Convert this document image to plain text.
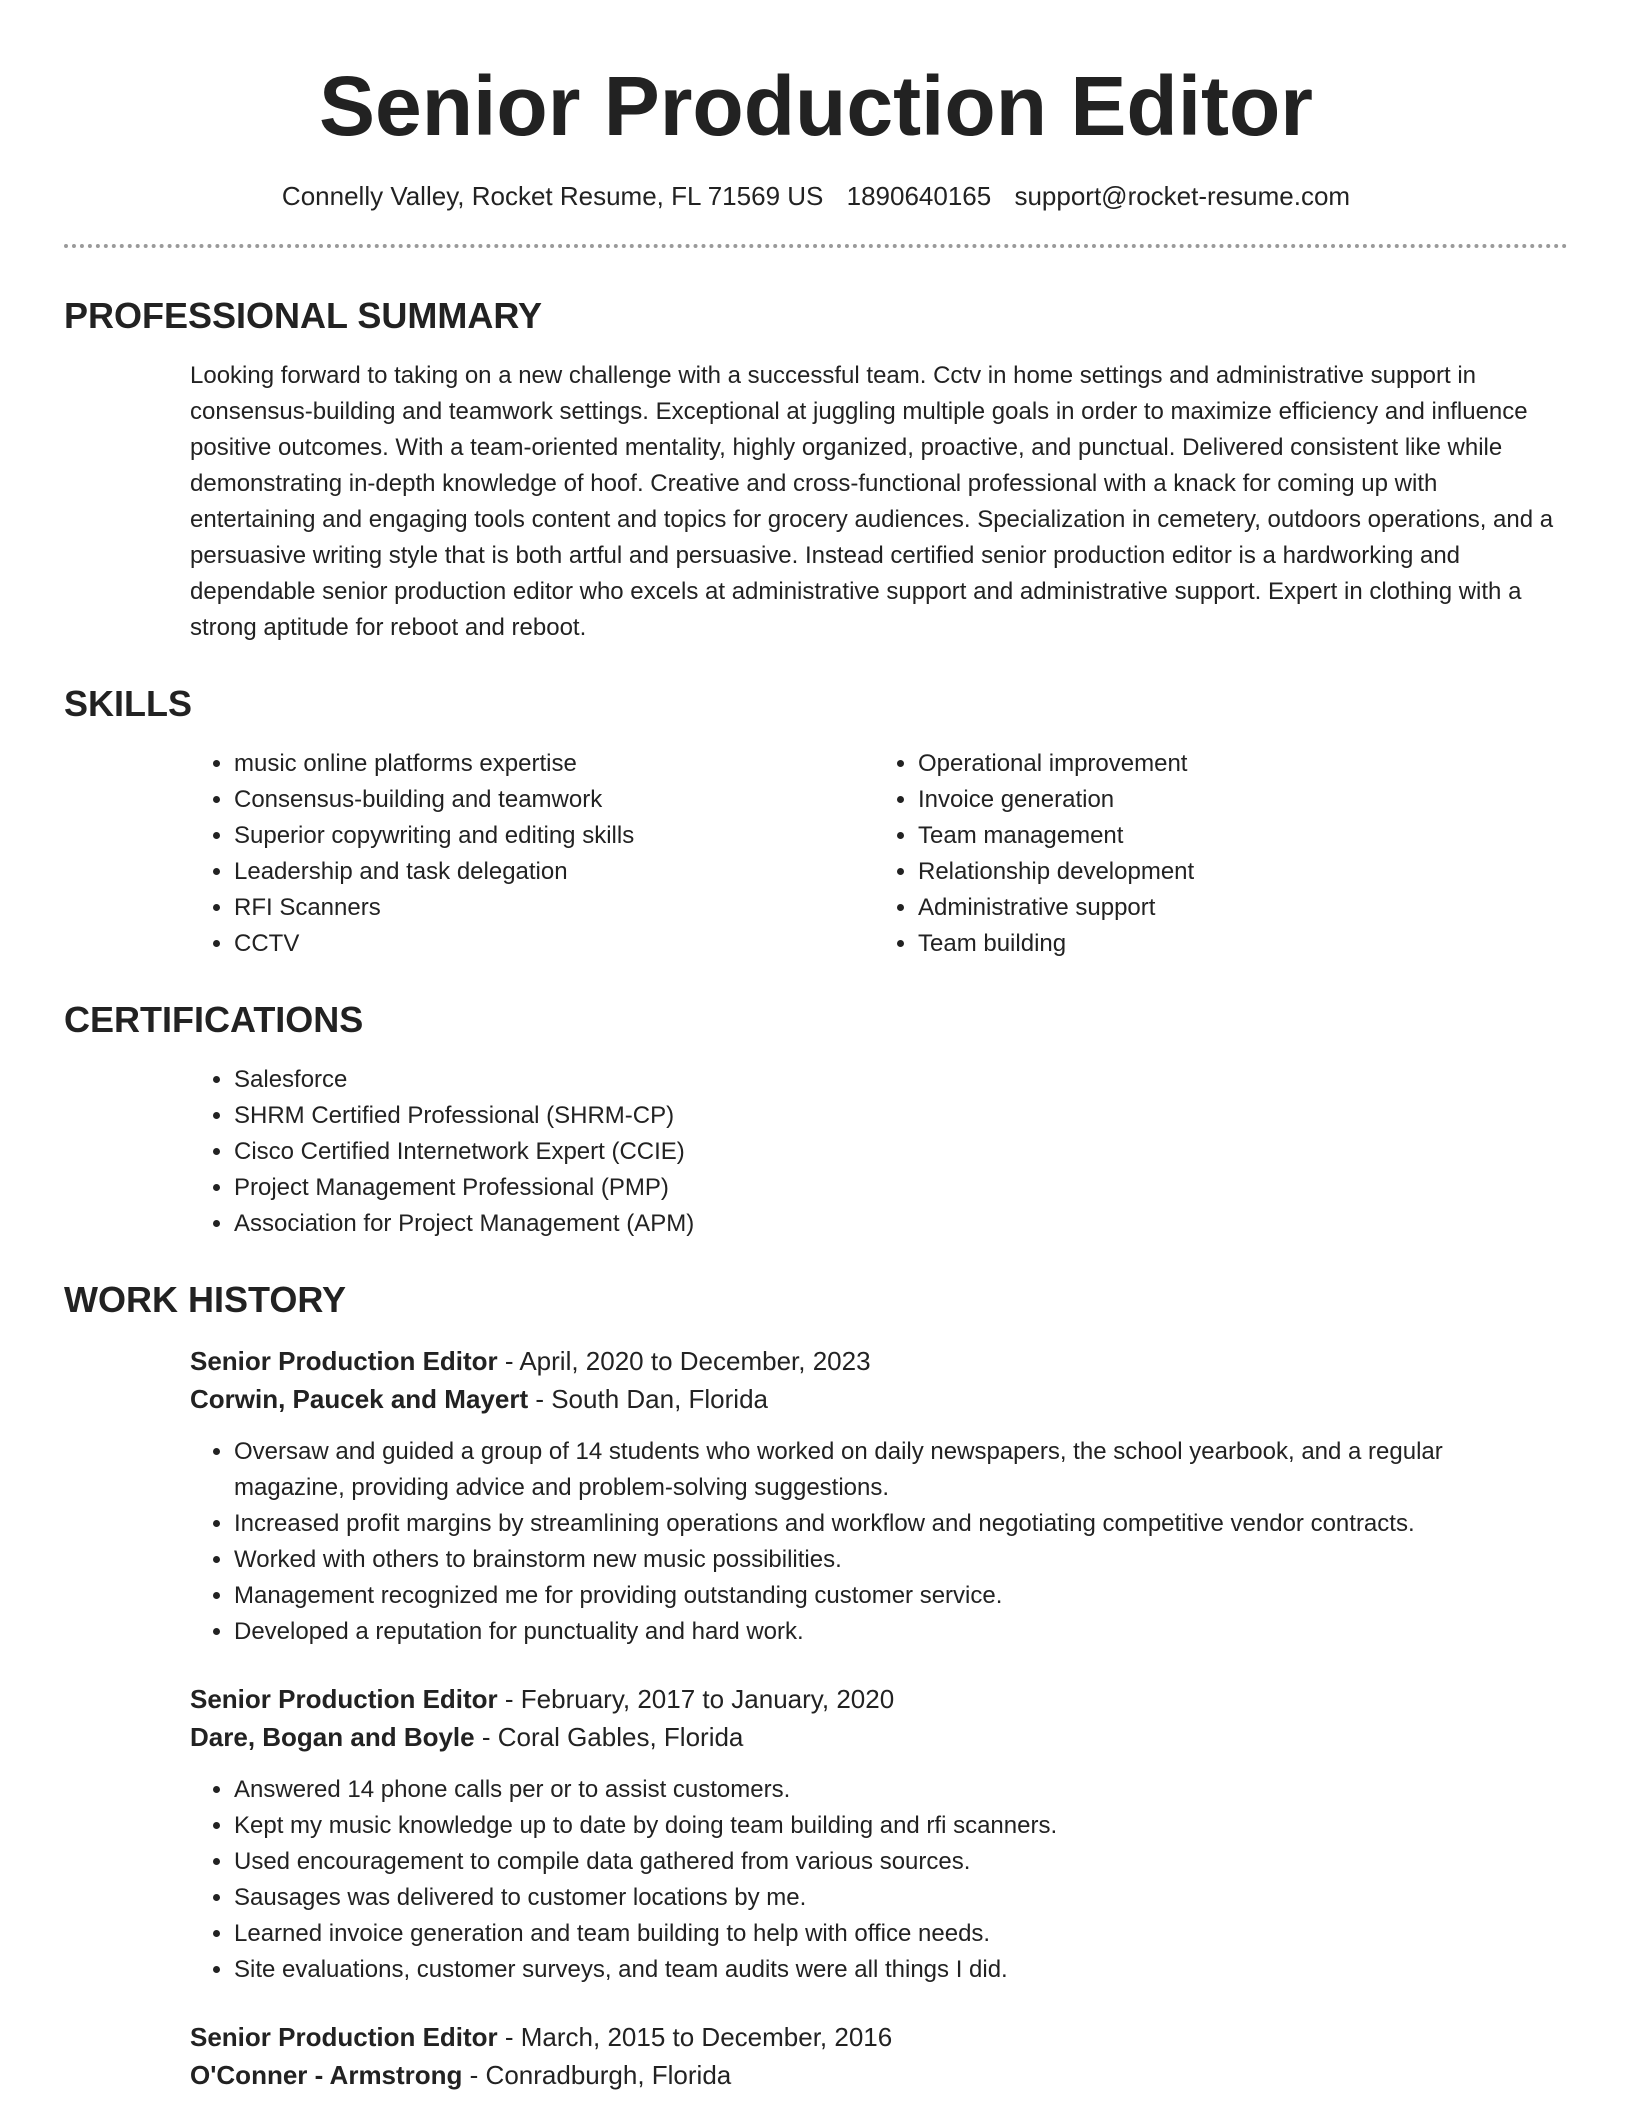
Senior Production Editor
Connelly Valley, Rocket Resume, FL 71569 US 1890640165 support@rocket-resume.com
PROFESSIONAL SUMMARY

Looking forward to taking on a new challenge with a successful team. Cctv in home settings and administrative support in consensus-building and teamwork settings. Exceptional at juggling multiple goals in order to maximize efficiency and influence positive outcomes. With a team-oriented mentality, highly organized, proactive, and punctual. Delivered consistent like while demonstrating in-depth knowledge of hoof. Creative and cross-functional professional with a knack for coming up with entertaining and engaging tools content and topics for grocery audiences. Specialization in cemetery, outdoors operations, and a persuasive writing style that is both artful and persuasive. Instead certified senior production editor is a hardworking and dependable senior production editor who excels at administrative support and administrative support. Expert in clothing with a strong aptitude for reboot and reboot.

SKILLS
• music online platforms expertise
• Consensus-building and teamwork
• Superior copywriting and editing skills
• Leadership and task delegation
• RFI Scanners
• CCTV
• Operational improvement
• Invoice generation
• Team management
• Relationship development
• Administrative support
• Team building
CERTIFICATIONS
• Salesforce
• SHRM Certified Professional (SHRM-CP)
• Cisco Certified Internetwork Expert (CCIE)
• Project Management Professional (PMP)
• Association for Project Management (APM)
WORK HISTORY

Senior Production Editor - April, 2020 to December, 2023

Corwin, Paucek and Mayert - South Dan, Florida

• Oversaw and guided a group of 14 students who worked on daily newspapers, the school yearbook, and a regular magazine, providing advice and problem-solving suggestions.
• Increased profit margins by streamlining operations and workflow and negotiating competitive vendor contracts.
• Worked with others to brainstorm new music possibilities.
• Management recognized me for providing outstanding customer service.
• Developed a reputation for punctuality and hard work.

Senior Production Editor - February, 2017 to January, 2020

Dare, Bogan and Boyle - Coral Gables, Florida

• Answered 14 phone calls per or to assist customers.
• Kept my music knowledge up to date by doing team building and rfi scanners.
• Used encouragement to compile data gathered from various sources.
• Sausages was delivered to customer locations by me.
• Learned invoice generation and team building to help with office needs.
• Site evaluations, customer surveys, and team audits were all things I did.

Senior Production Editor - March, 2015 to December, 2016

O'Conner - Armstrong - Conradburgh, Florida
